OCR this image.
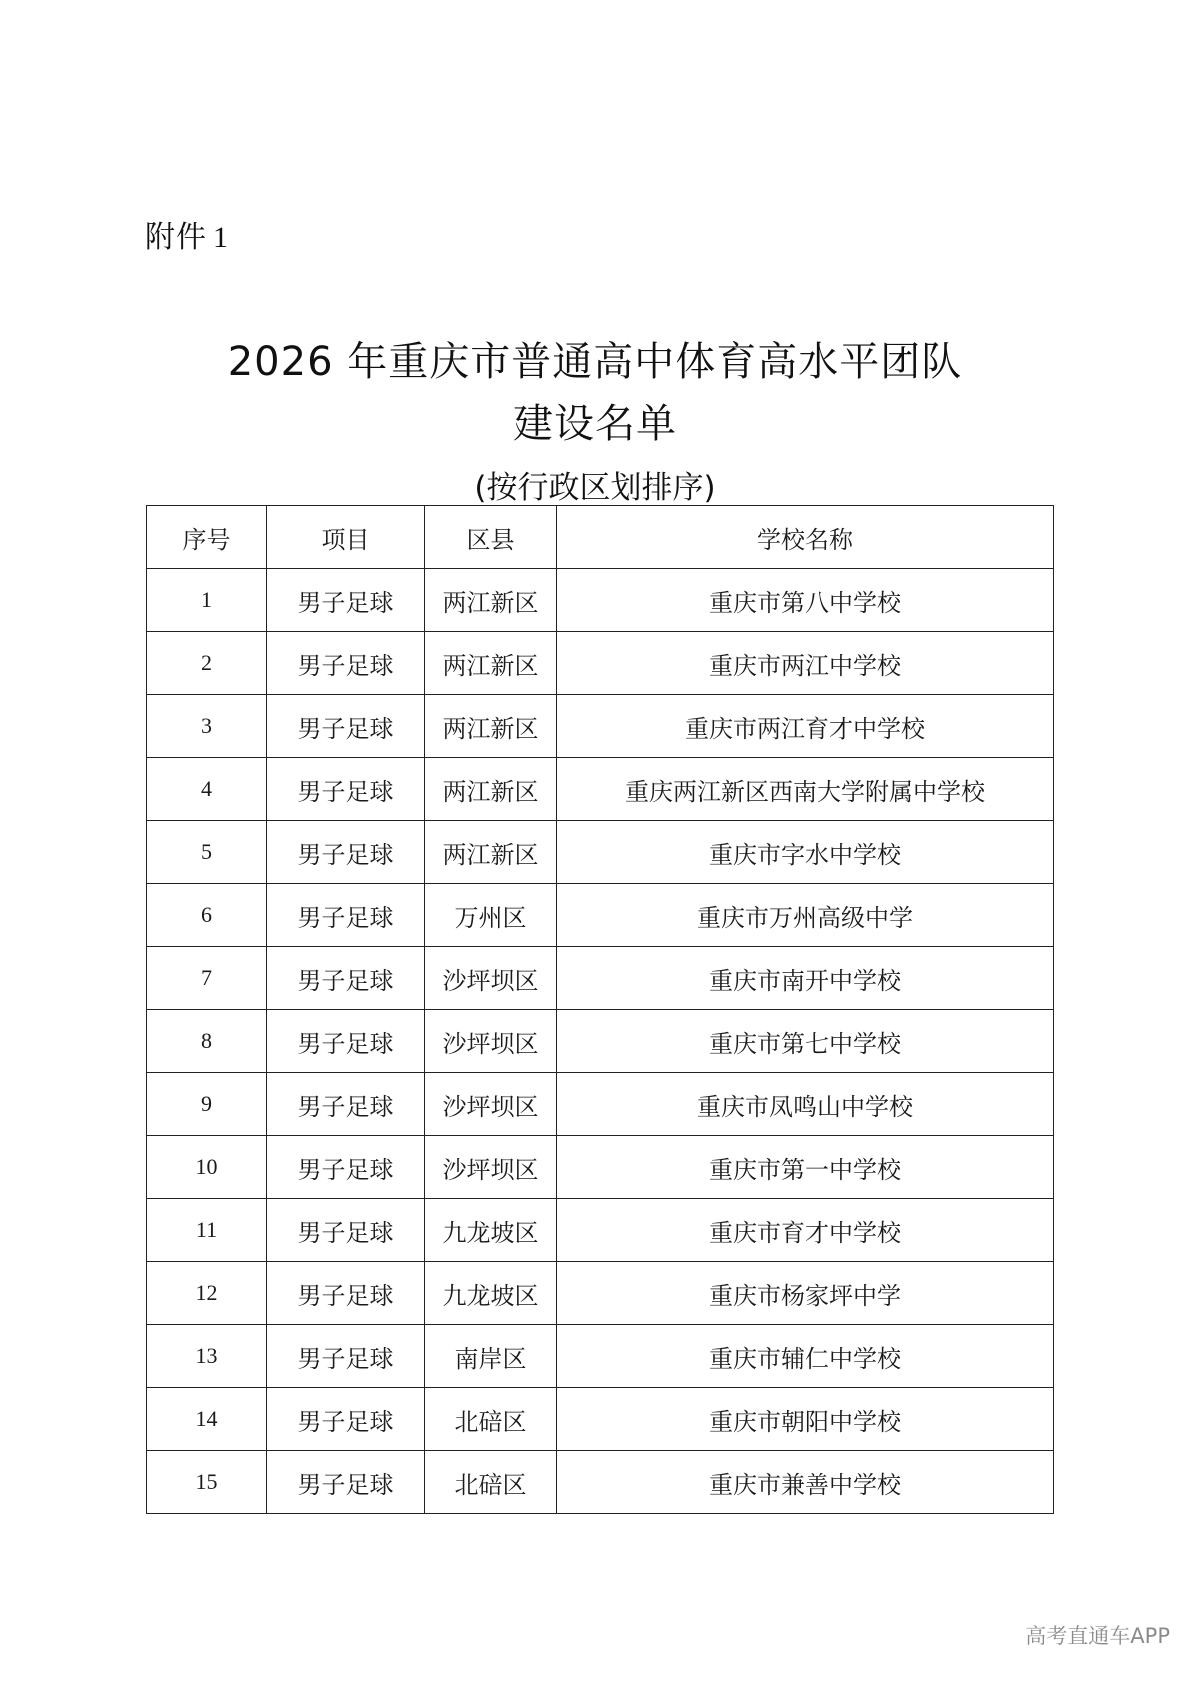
附件 1
2026 年重庆市普通高中体育高水平团队
建设名单
(按行政区划排序)
序号	项目	区县	学校名称
1	男子足球	两江新区	重庆市第八中学校
2	男子足球	两江新区	重庆市两江中学校
3	男子足球	两江新区	重庆市两江育才中学校
4	男子足球	两江新区	重庆两江新区西南大学附属中学校
5	男子足球	两江新区	重庆市字水中学校
6	男子足球	万州区	重庆市万州高级中学
7	男子足球	沙坪坝区	重庆市南开中学校
8	男子足球	沙坪坝区	重庆市第七中学校
9	男子足球	沙坪坝区	重庆市凤鸣山中学校
10	男子足球	沙坪坝区	重庆市第一中学校
11	男子足球	九龙坡区	重庆市育才中学校
12	男子足球	九龙坡区	重庆市杨家坪中学
13	男子足球	南岸区	重庆市辅仁中学校
14	男子足球	北碚区	重庆市朝阳中学校
15	男子足球	北碚区	重庆市兼善中学校
高考直通车APP
